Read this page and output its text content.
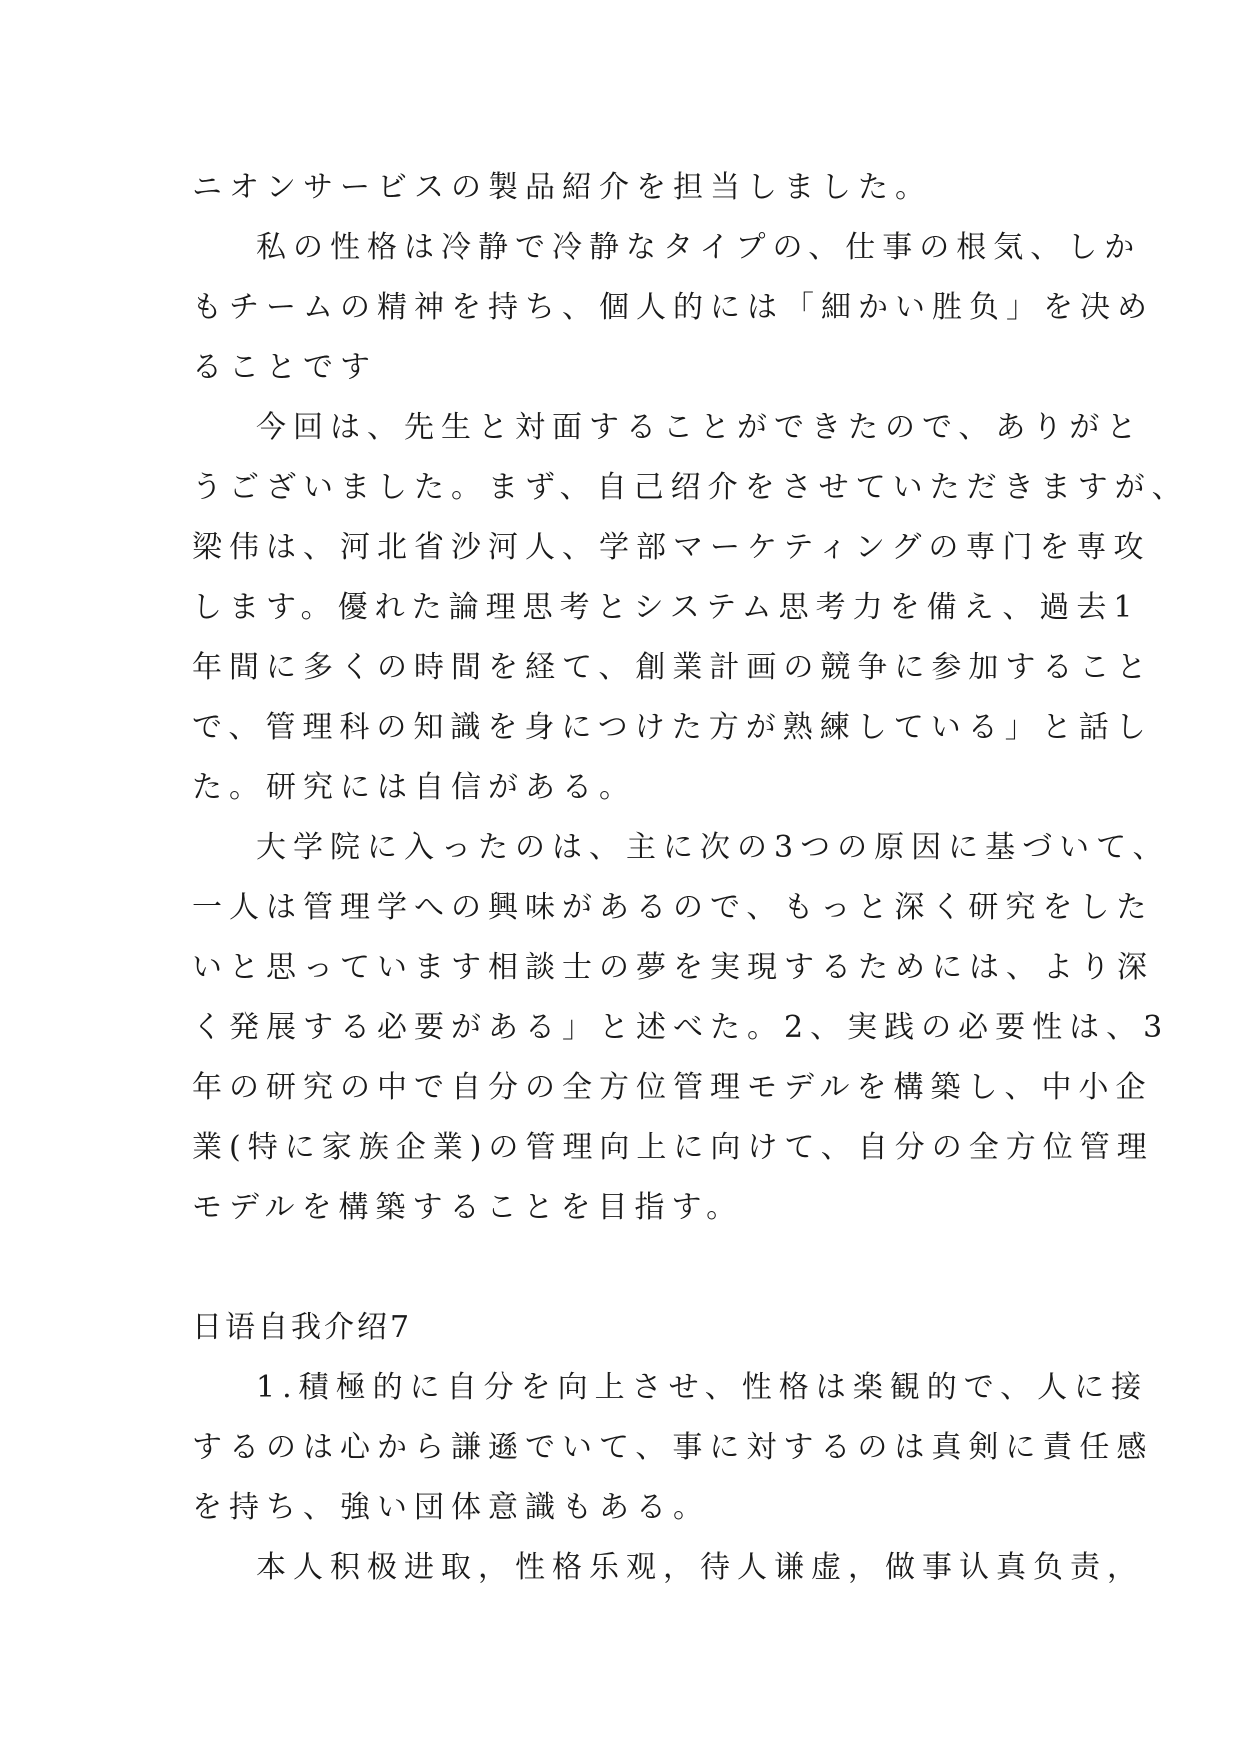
ニオンサービスの製品紹介を担当しました。
私の性格は冷静で冷静なタイプの、仕事の根気、しか
もチームの精神を持ち、個人的には「細かい胜负」を决め
ることです
今回は、先生と対面することができたので、ありがと
うございました。まず、自己绍介をさせていただきますが、
梁伟は、河北省沙河人、学部マーケティングの専门を専攻
します。優れた論理思考とシステム思考力を備え、過去1
年間に多くの時間を経て、創業計画の競争に参加すること
で、管理科の知識を身につけた方が熟練している」と話し
た。研究には自信がある。
大学院に入ったのは、主に次の3つの原因に基づいて、
一人は管理学への興味があるので、もっと深く研究をした
いと思っています相談士の夢を実現するためには、より深
く発展する必要がある」と述べた。2、実践の必要性は、3
年の研究の中で自分の全方位管理モデルを構築し、中小企
業(特に家族企業)の管理向上に向けて、自分の全方位管理
モデルを構築することを目指す。
日语自我介绍7
1.積極的に自分を向上させ、性格は楽観的で、人に接
するのは心から謙遜でいて、事に対するのは真剣に責任感
を持ち、強い団体意識もある。
本人积极进取，性格乐观，待人谦虚，做事认真负责，
